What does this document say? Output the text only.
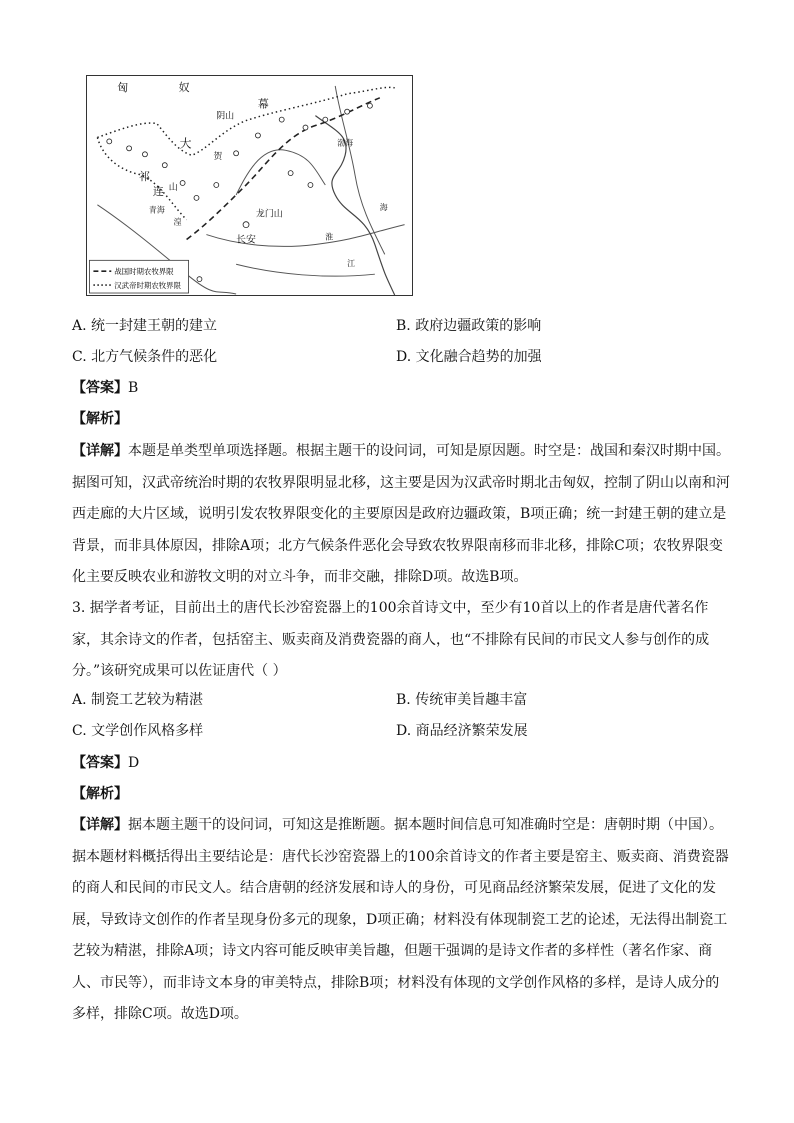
匈	奴
幕
阴山
大
贺
祁
连 山
青海
湟
长安
龙门山
渤海
淮
江
海
战国时期农牧界限
汉武帝时期农牧界限
A. 统一封建王朝的建立	B. 政府边疆政策的影响
C. 北方气候条件的恶化	D. 文化融合趋势的加强
【答案】B
【解析】
【详解】本题是单类型单项选择题。根据主题干的设问词，可知是原因题。时空是：战国和秦汉时期中国。据图可知，汉武帝统治时期的农牧界限明显北移，这主要是因为汉武帝时期北击匈奴，控制了阴山以南和河西走廊的大片区域，说明引发农牧界限变化的主要原因是政府边疆政策，B项正确；统一封建王朝的建立是背景，而非具体原因，排除A项；北方气候条件恶化会导致农牧界限南移而非北移，排除C项；农牧界限变化主要反映农业和游牧文明的对立斗争，而非交融，排除D项。故选B项。
3. 据学者考证，目前出土的唐代长沙窑瓷器上的100余首诗文中，至少有10首以上的作者是唐代著名作家，其余诗文的作者，包括窑主、贩卖商及消费瓷器的商人，也“不排除有民间的市民文人参与创作的成分。”该研究成果可以佐证唐代（ ）
A. 制瓷工艺较为精湛	B. 传统审美旨趣丰富
C. 文学创作风格多样	D. 商品经济繁荣发展
【答案】D
【解析】
【详解】据本题主题干的设问词，可知这是推断题。据本题时间信息可知准确时空是：唐朝时期（中国）。据本题材料概括得出主要结论是：唐代长沙窑瓷器上的100余首诗文的作者主要是窑主、贩卖商、消费瓷器的商人和民间的市民文人。结合唐朝的经济发展和诗人的身份，可见商品经济繁荣发展，促进了文化的发展，导致诗文创作的作者呈现身份多元的现象，D项正确；材料没有体现制瓷工艺的论述，无法得出制瓷工艺较为精湛，排除A项；诗文内容可能反映审美旨趣，但题干强调的是诗文作者的多样性（著名作家、商人、市民等），而非诗文本身的审美特点，排除B项；材料没有体现的文学创作风格的多样，是诗人成分的多样，排除C项。故选D项。
